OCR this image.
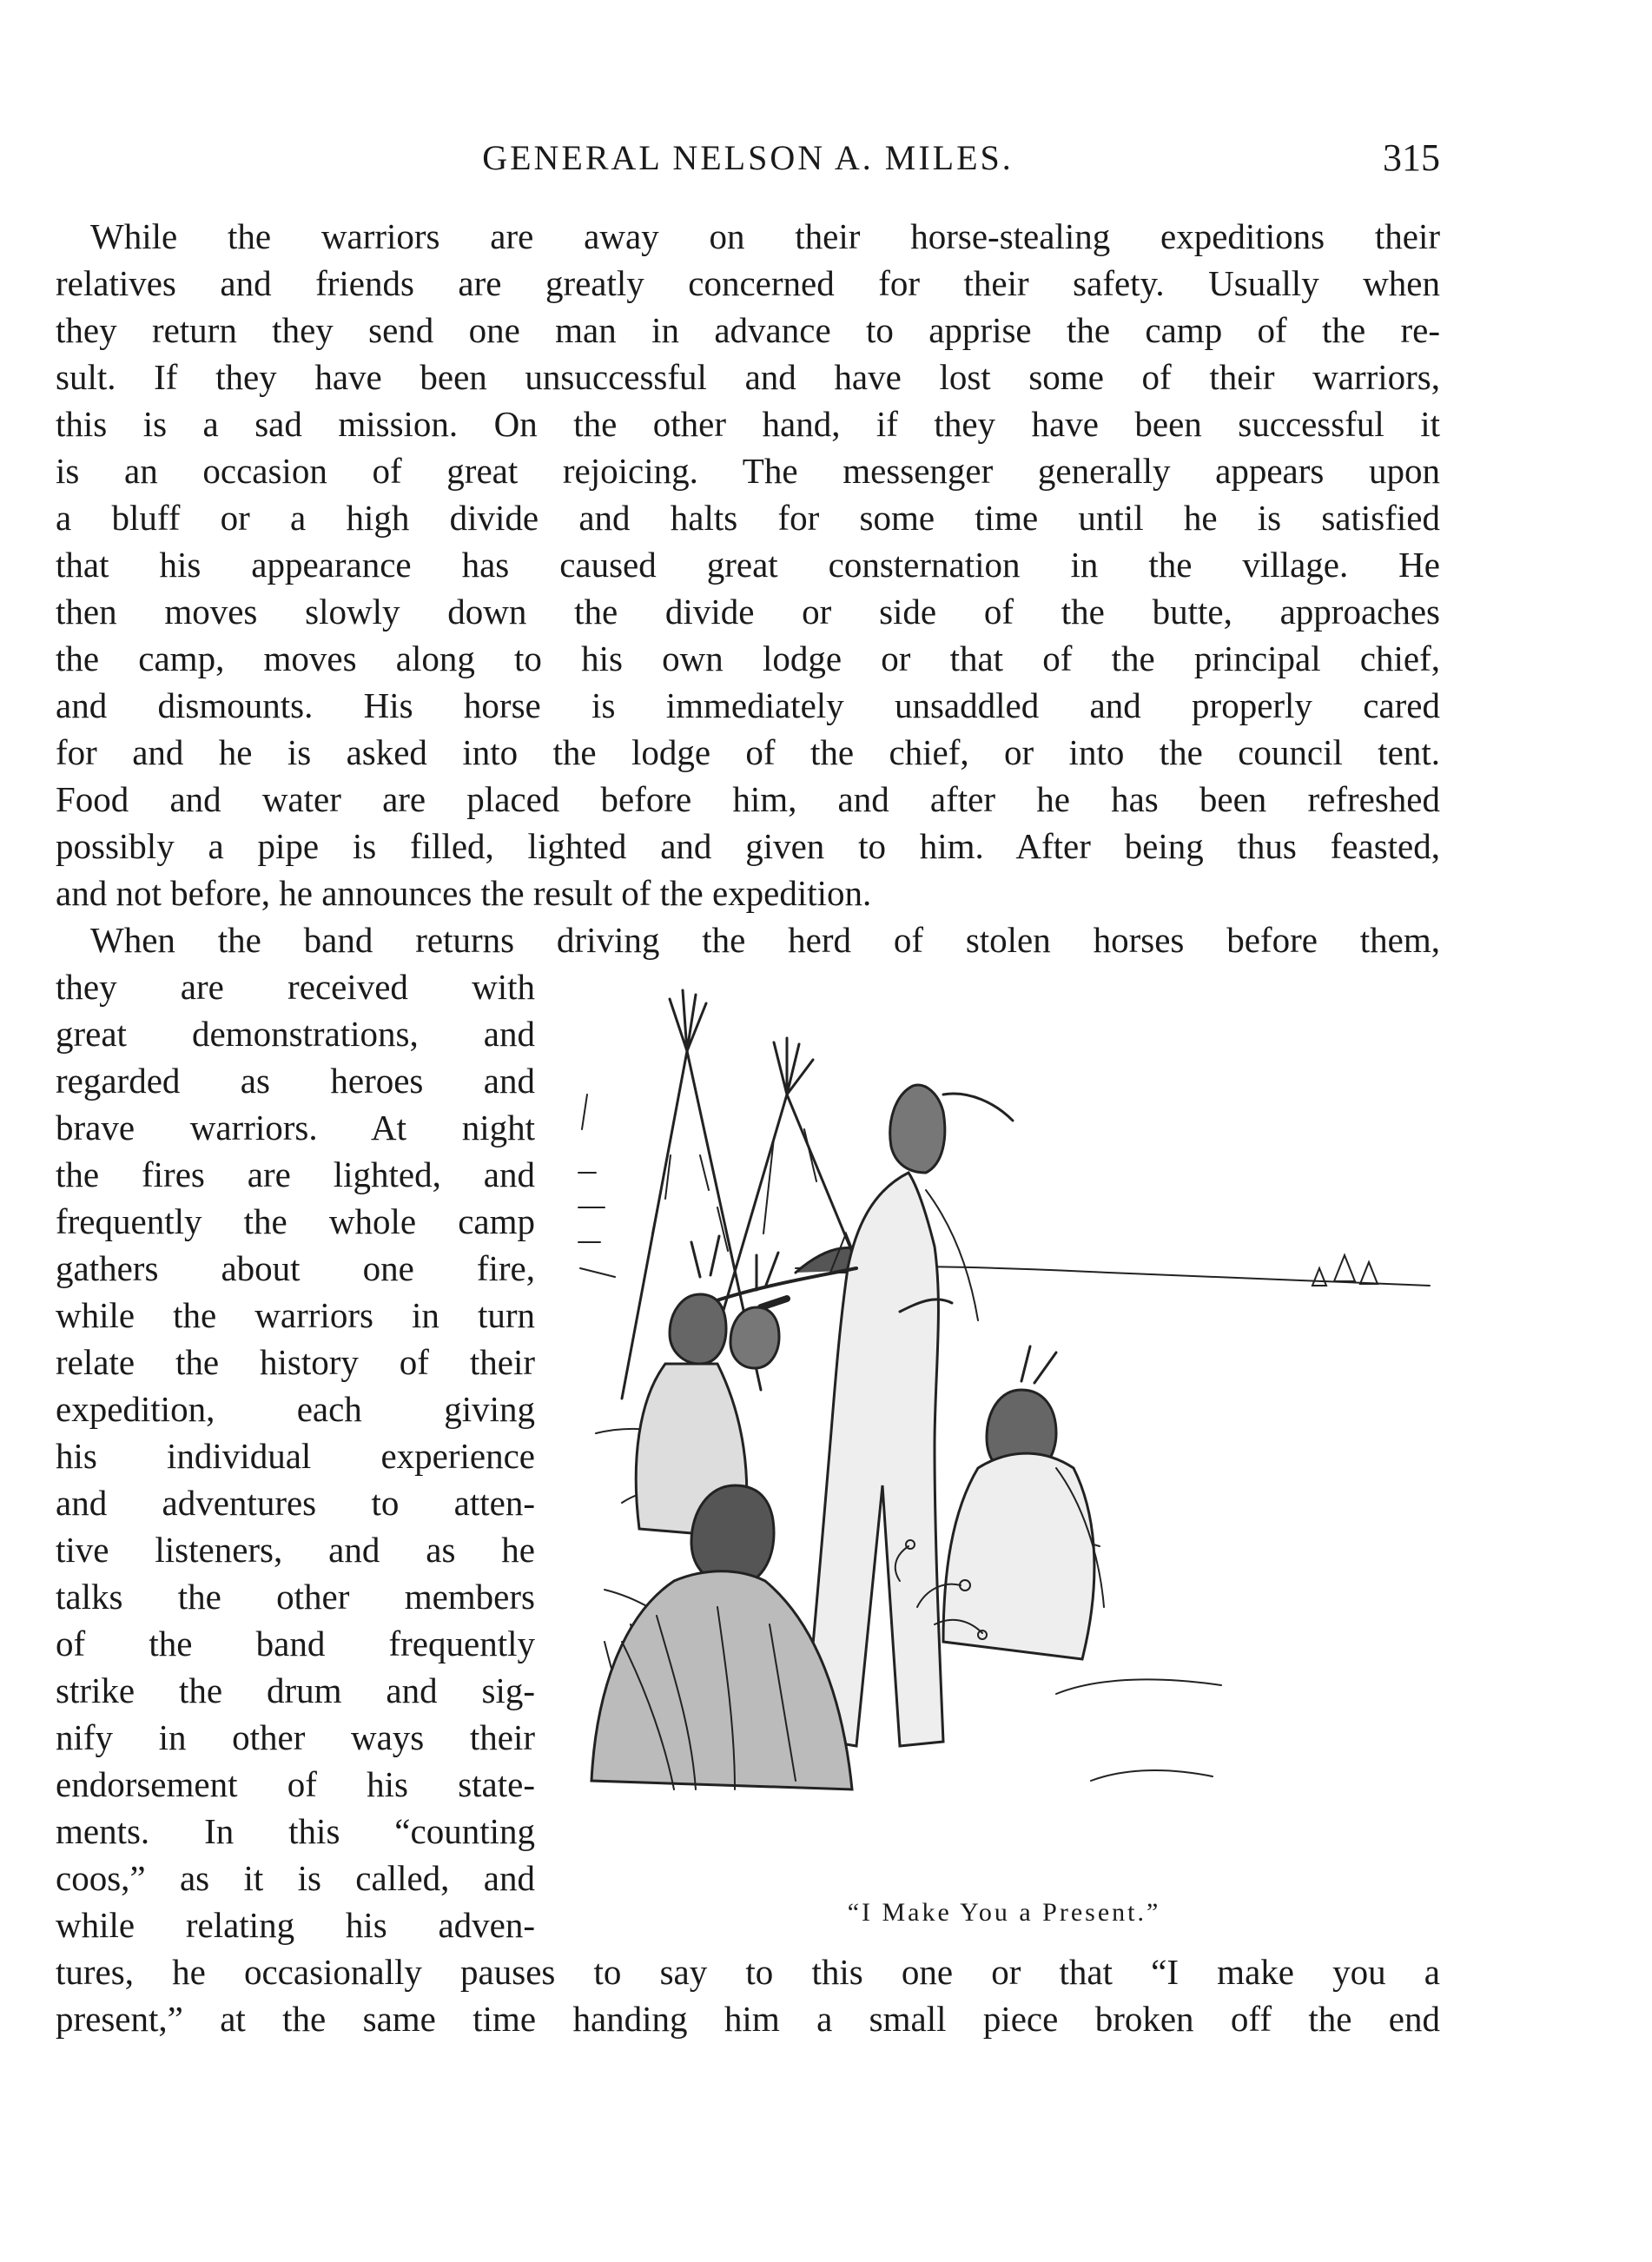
GENERAL NELSON A. MILES.	315
While the warriors are away on their horse-stealing expeditions their
relatives and friends are greatly concerned for their safety. Usually when
they return they send one man in advance to apprise the camp of the re-
sult. If they have been unsuccessful and have lost some of their warriors,
this is a sad mission. On the other hand, if they have been successful it
is an occasion of great rejoicing. The messenger generally appears upon
a bluff or a high divide and halts for some time until he is satisfied
that his appearance has caused great consternation in the village. He
then moves slowly down the divide or side of the butte, approaches
the camp, moves along to his own lodge or that of the principal chief,
and dismounts. His horse is immediately unsaddled and properly cared
for and he is asked into the lodge of the chief, or into the council tent.
Food and water are placed before him, and after he has been refreshed
possibly a pipe is filled, lighted and given to him. After being thus feasted,
and not before, he announces the result of the expedition.
When the band returns driving the herd of stolen horses before them,
they are received with
great demonstrations, and
regarded as heroes and
brave warriors. At night
the fires are lighted, and
frequently the whole camp
gathers about one fire,
while the warriors in turn
relate the history of their
expedition, each giving
his individual experience
and adventures to atten-
tive listeners, and as he
talks the other members
of the band frequently
strike the drum and sig-
nify in other ways their
endorsement of his state-
ments. In this “counting
coos,” as it is called, and
while relating his adven-
tures, he occasionally pauses to say to this one or that “I make you a
present,” at the same time handing him a small piece broken off the end
“I Make You a Present.”
